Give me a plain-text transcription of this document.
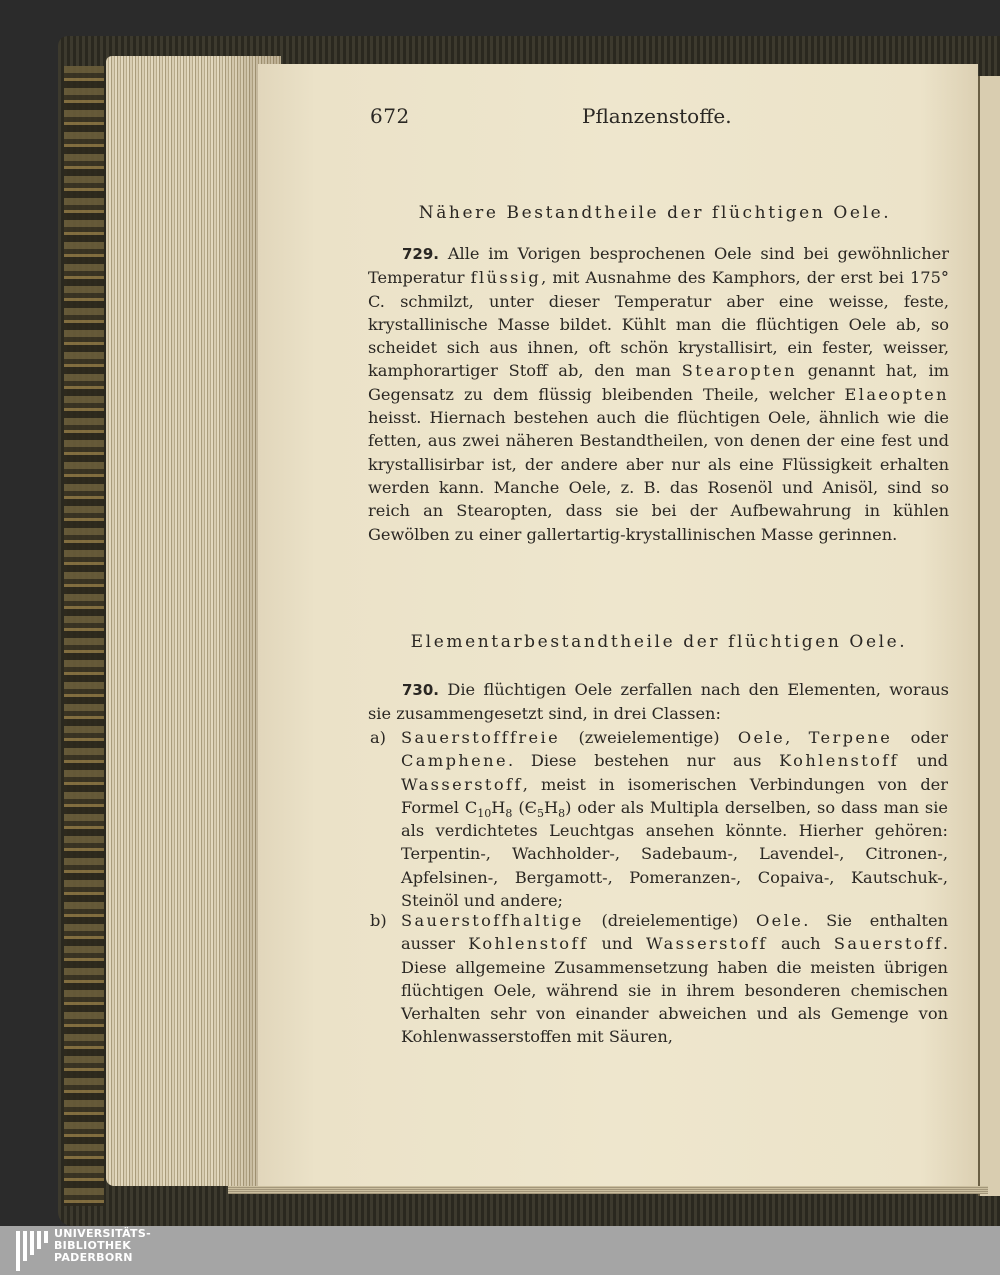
672	Pflanzenstoffe.
Nähere Bestandtheile der flüchtigen Oele.

729. Alle im Vorigen besprochenen Oele sind bei gewöhnlicher Temperatur flüssig, mit Ausnahme des Kamphors, der erst bei 175° C. schmilzt, unter dieser Temperatur aber eine weisse, feste, krystallinische Masse bildet. Kühlt man die flüchtigen Oele ab, so scheidet sich aus ihnen, oft schön krystallisirt, ein fester, weisser, kamphorartiger Stoff ab, den man Stearopten genannt hat, im Gegensatz zu dem flüssig bleibenden Theile, welcher Elaeopten heisst. Hiernach bestehen auch die flüchtigen Oele, ähnlich wie die fetten, aus zwei näheren Bestandtheilen, von denen der eine fest und krystallisirbar ist, der andere aber nur als eine Flüssigkeit erhalten werden kann. Manche Oele, z. B. das Rosenöl und Anisöl, sind so reich an Stearopten, dass sie bei der Aufbewahrung in kühlen Gewölben zu einer gallertartig-krystallinischen Masse gerinnen.

Elementarbestandtheile der flüchtigen Oele.

730. Die flüchtigen Oele zerfallen nach den Elementen, woraus sie zusammengesetzt sind, in drei Classen:

a) Sauerstofffreie (zweielementige) Oele, Terpene oder Camphene. Diese bestehen nur aus Kohlenstoff und Wasserstoff, meist in isomerischen Verbindungen von der Formel $C_{10}H_8$ $(Є_5H_8)$ oder als Multipla derselben, so dass man sie als verdichtetes Leuchtgas ansehen könnte. Hierher gehören: Terpentin-, Wachholder-, Sadebaum-, Lavendel-, Citronen-, Apfelsinen-, Bergamott-, Pomeranzen-, Copaiva-, Kautschuk-, Steinöl und andere;
b) Sauerstoffhaltige (dreielementige) Oele. Sie enthalten ausser Kohlenstoff und Wasserstoff auch Sauerstoff. Diese allgemeine Zusammensetzung haben die meisten übrigen flüchtigen Oele, während sie in ihrem besonderen chemischen Verhalten sehr von einander abweichen und als Gemenge von Kohlenwasserstoffen mit Säuren,
UNIVERSITÄTS-
BIBLIOTHEK
PADERBORN
